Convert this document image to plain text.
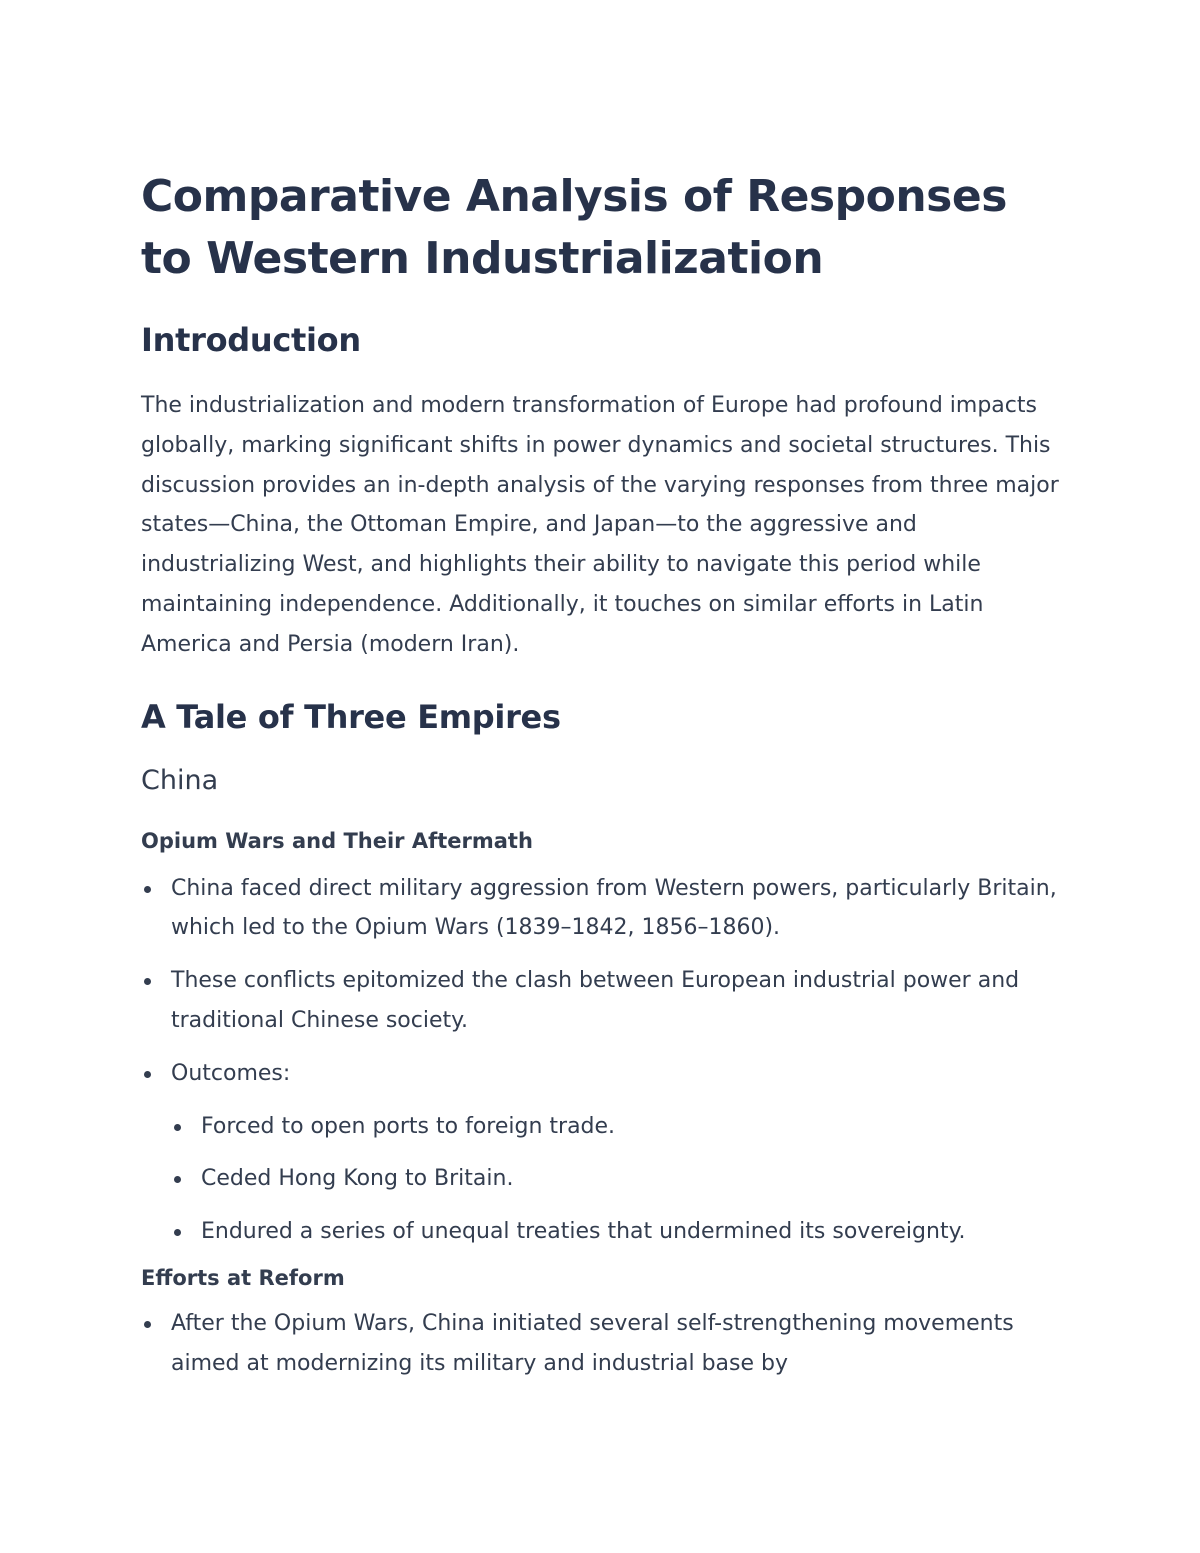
Comparative Analysis of Responses to Western Industrialization
Introduction

The industrialization and modern transformation of Europe had profound impacts globally, marking significant shifts in power dynamics and societal structures. This discussion provides an in-depth analysis of the varying responses from three major states—China, the Ottoman Empire, and Japan—to the aggressive and industrializing West, and highlights their ability to navigate this period while maintaining independence. Additionally, it touches on similar efforts in Latin America and Persia (modern Iran).

A Tale of Three Empires
China
Opium Wars and Their Aftermath
China faced direct military aggression from Western powers, particularly Britain, which led to the Opium Wars (1839–1842, 1856–1860).
These conflicts epitomized the clash between European industrial power and traditional Chinese society.
Outcomes:
Forced to open ports to foreign trade.
Ceded Hong Kong to Britain.
Endured a series of unequal treaties that undermined its sovereignty.
Efforts at Reform
After the Opium Wars, China initiated several self-strengthening movements aimed at modernizing its military and industrial base by
